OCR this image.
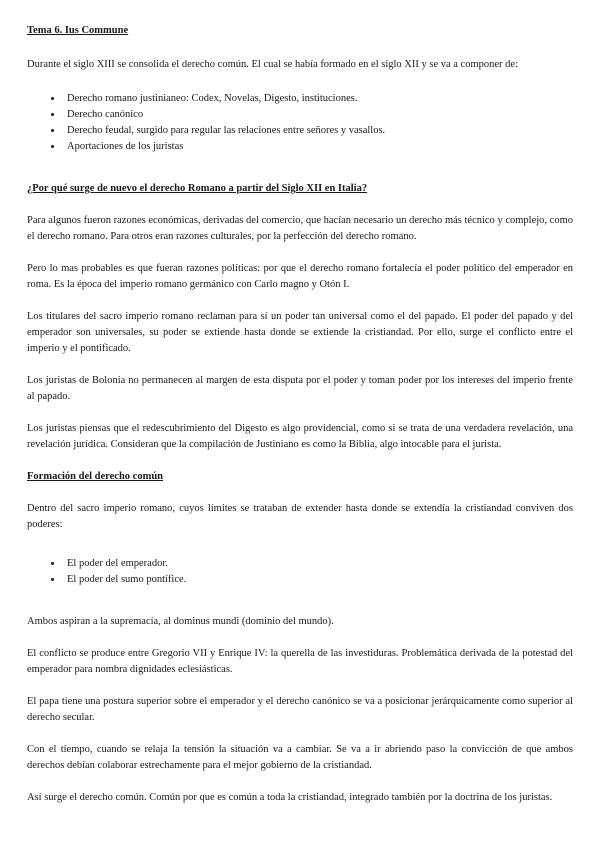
Tema 6. Ius Commune

Durante el siglo XIII se consolida el derecho común. El cual se había formado en el siglo XII y se va a componer de:

• Derecho romano justinianeo: Codex, Novelas, Digesto, instituciones.
• Derecho canónico
• Derecho feudal, surgido para regular las relaciones entre señores y vasallos.
• Aportaciones de los juristas
¿Por qué surge de nuevo el derecho Romano a partir del Siglo XII en Italia?

Para algunos fueron razones económicas, derivadas del comercio, que hacían necesario un derecho más técnico y complejo, como el derecho romano. Para otros eran razones culturales, por la perfección del derecho romano.

Pero lo mas probables es que fueran razones políticas: por que el derecho romano fortalecía el poder político del emperador en roma. Es la época del imperio romano germánico con Carlo magno y Otón I.

Los titulares del sacro imperio romano reclaman para sí un poder tan universal como el del papado. El poder del papado y del emperador son universales, su poder se extiende hasta donde se extiende la cristiandad. Por ello, surge el conflicto entre el imperio y el pontificado.

Los juristas de Bolonia no permanecen al margen de esta disputa por el poder y toman poder por los intereses del imperio frente al papado.

Los juristas piensas que el redescubrimiento del Digesto es algo providencial, como si se trata de una verdadera revelación, una revelación jurídica. Consideran que la compilación de Justiniano es como la Biblia, algo intocable para el jurista.

Formación del derecho común

Dentro del sacro imperio romano, cuyos límites se trataban de extender hasta donde se extendía la cristiandad conviven dos poderes:

• El poder del emperador.
• El poder del sumo pontífice.

Ambos aspiran a la supremacía, al dominus mundi (dominio del mundo).

El conflicto se produce entre Gregorio VII y Enrique IV: la querella de las investiduras. Problemática derivada de la potestad del emperador para nombra dignidades eclesiásticas.

El papa tiene una postura superior sobre el emperador y el derecho canónico se va a posicionar jerárquicamente como superior al derecho secular.

Con el tiempo, cuando se relaja la tensión la situación va a cambiar. Se va a ir abriendo paso la convicción de que ambos derechos debían colaborar estrechamente para el mejor gobierno de la cristiandad.

Así surge el derecho común. Común por que es común a toda la cristiandad, integrado también por la doctrina de los juristas.
